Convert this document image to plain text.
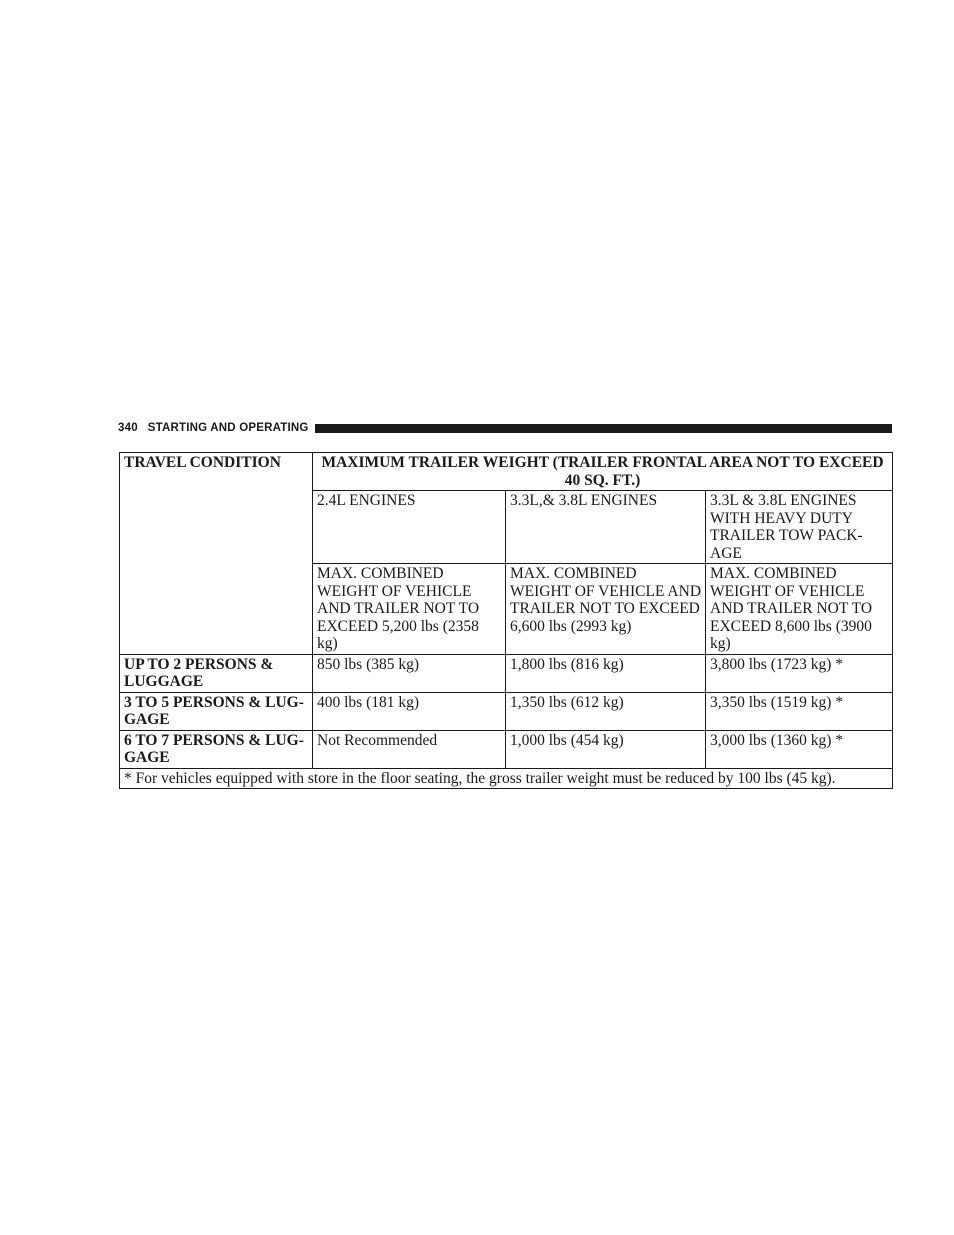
340 STARTING AND OPERATING
TRAVEL CONDITION	MAXIMUM TRAILER WEIGHT (TRAILER FRONTAL AREA NOT TO EXCEED 40 SQ. FT.)		
	2.4L ENGINES	3.3L,& 3.8L ENGINES	3.3L & 3.8L ENGINES WITH HEAVY DUTY TRAILER TOW PACK-AGE
	MAX. COMBINED WEIGHT OF VEHICLE AND TRAILER NOT TO EXCEED 5,200 lbs (2358 kg)	MAX. COMBINED WEIGHT OF VEHICLE AND TRAILER NOT TO EXCEED 6,600 lbs (2993 kg)	MAX. COMBINED WEIGHT OF VEHICLE AND TRAILER NOT TO EXCEED 8,600 lbs (3900 kg)
UP TO 2 PERSONS & LUGGAGE	850 lbs (385 kg)	1,800 lbs (816 kg)	3,800 lbs (1723 kg) *
3 TO 5 PERSONS & LUG-GAGE	400 lbs (181 kg)	1,350 lbs (612 kg)	3,350 lbs (1519 kg) *
6 TO 7 PERSONS & LUG-GAGE	Not Recommended	1,000 lbs (454 kg)	3,000 lbs (1360 kg) *
* For vehicles equipped with store in the floor seating, the gross trailer weight must be reduced by 100 lbs (45 kg).			
